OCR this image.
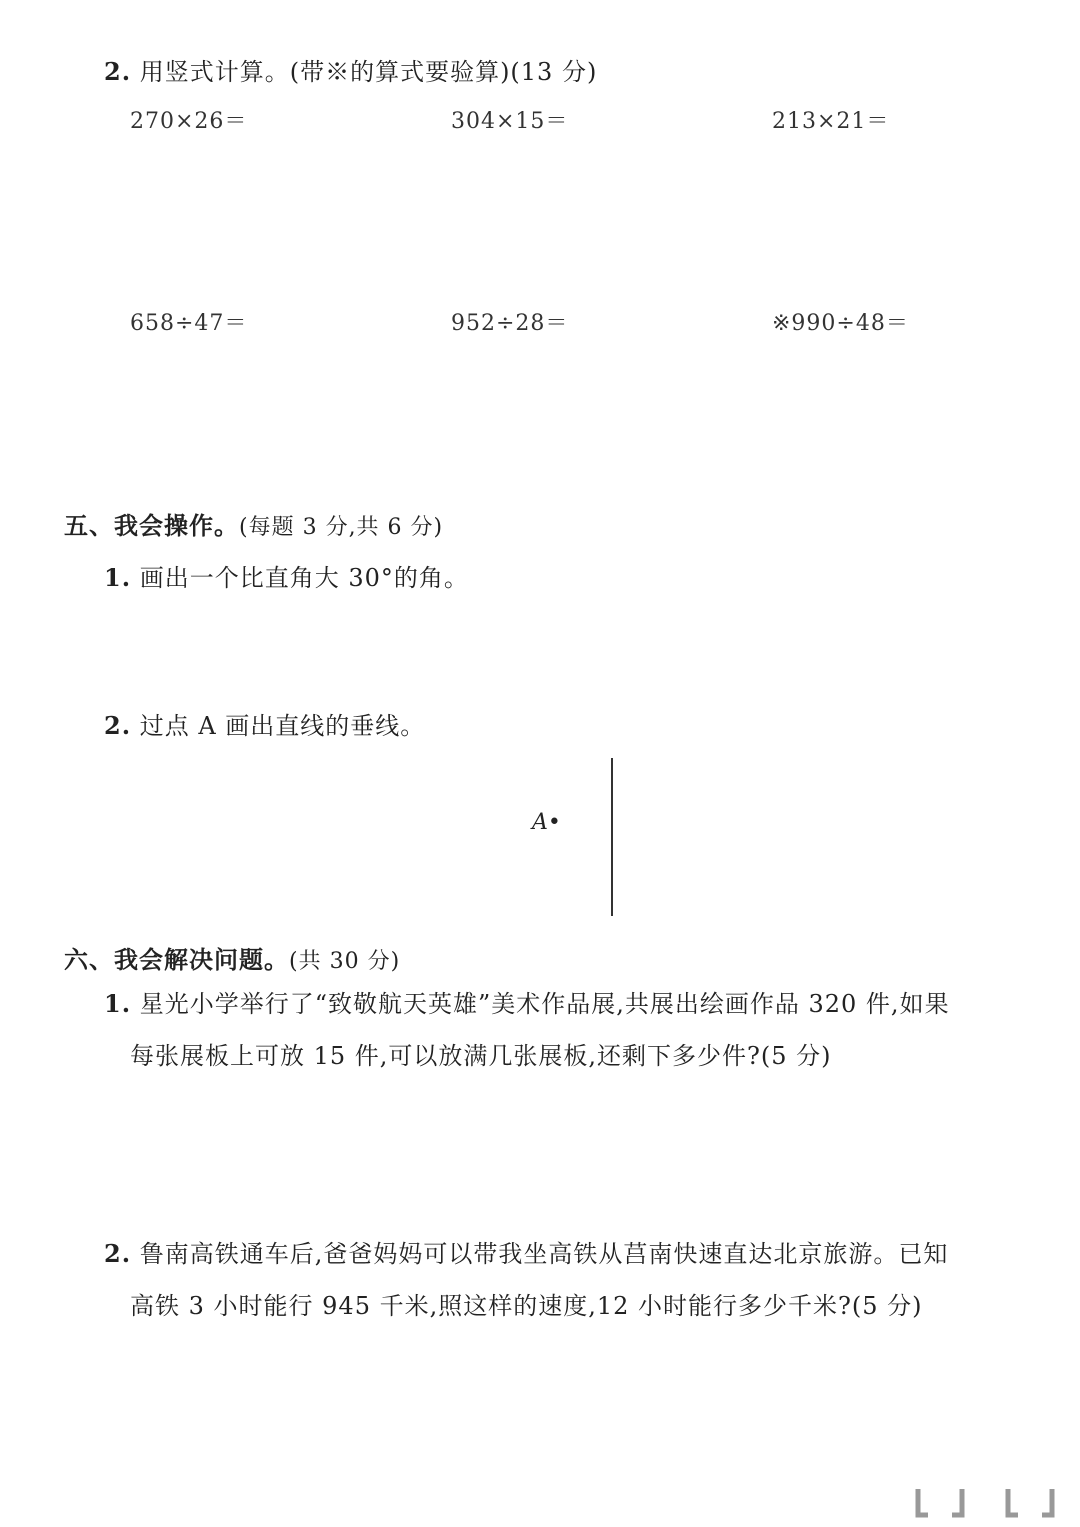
2. 用竖式计算。(带※的算式要验算)(13 分)
270×26＝	304×15＝	213×21＝
658÷47＝	952÷28＝	※990÷48＝
五、我会操作。(每题 3 分,共 6 分)
1. 画出一个比直角大 30°的角。
2. 过点 A 画出直线的垂线。
A•
六、我会解决问题。(共 30 分)
1. 星光小学举行了“致敬航天英雄”美术作品展,共展出绘画作品 320 件,如果
每张展板上可放 15 件,可以放满几张展板,还剩下多少件?(5 分)
2. 鲁南高铁通车后,爸爸妈妈可以带我坐高铁从莒南快速直达北京旅游。已知
高铁 3 小时能行 945 千米,照这样的速度,12 小时能行多少千米?(5 分)
